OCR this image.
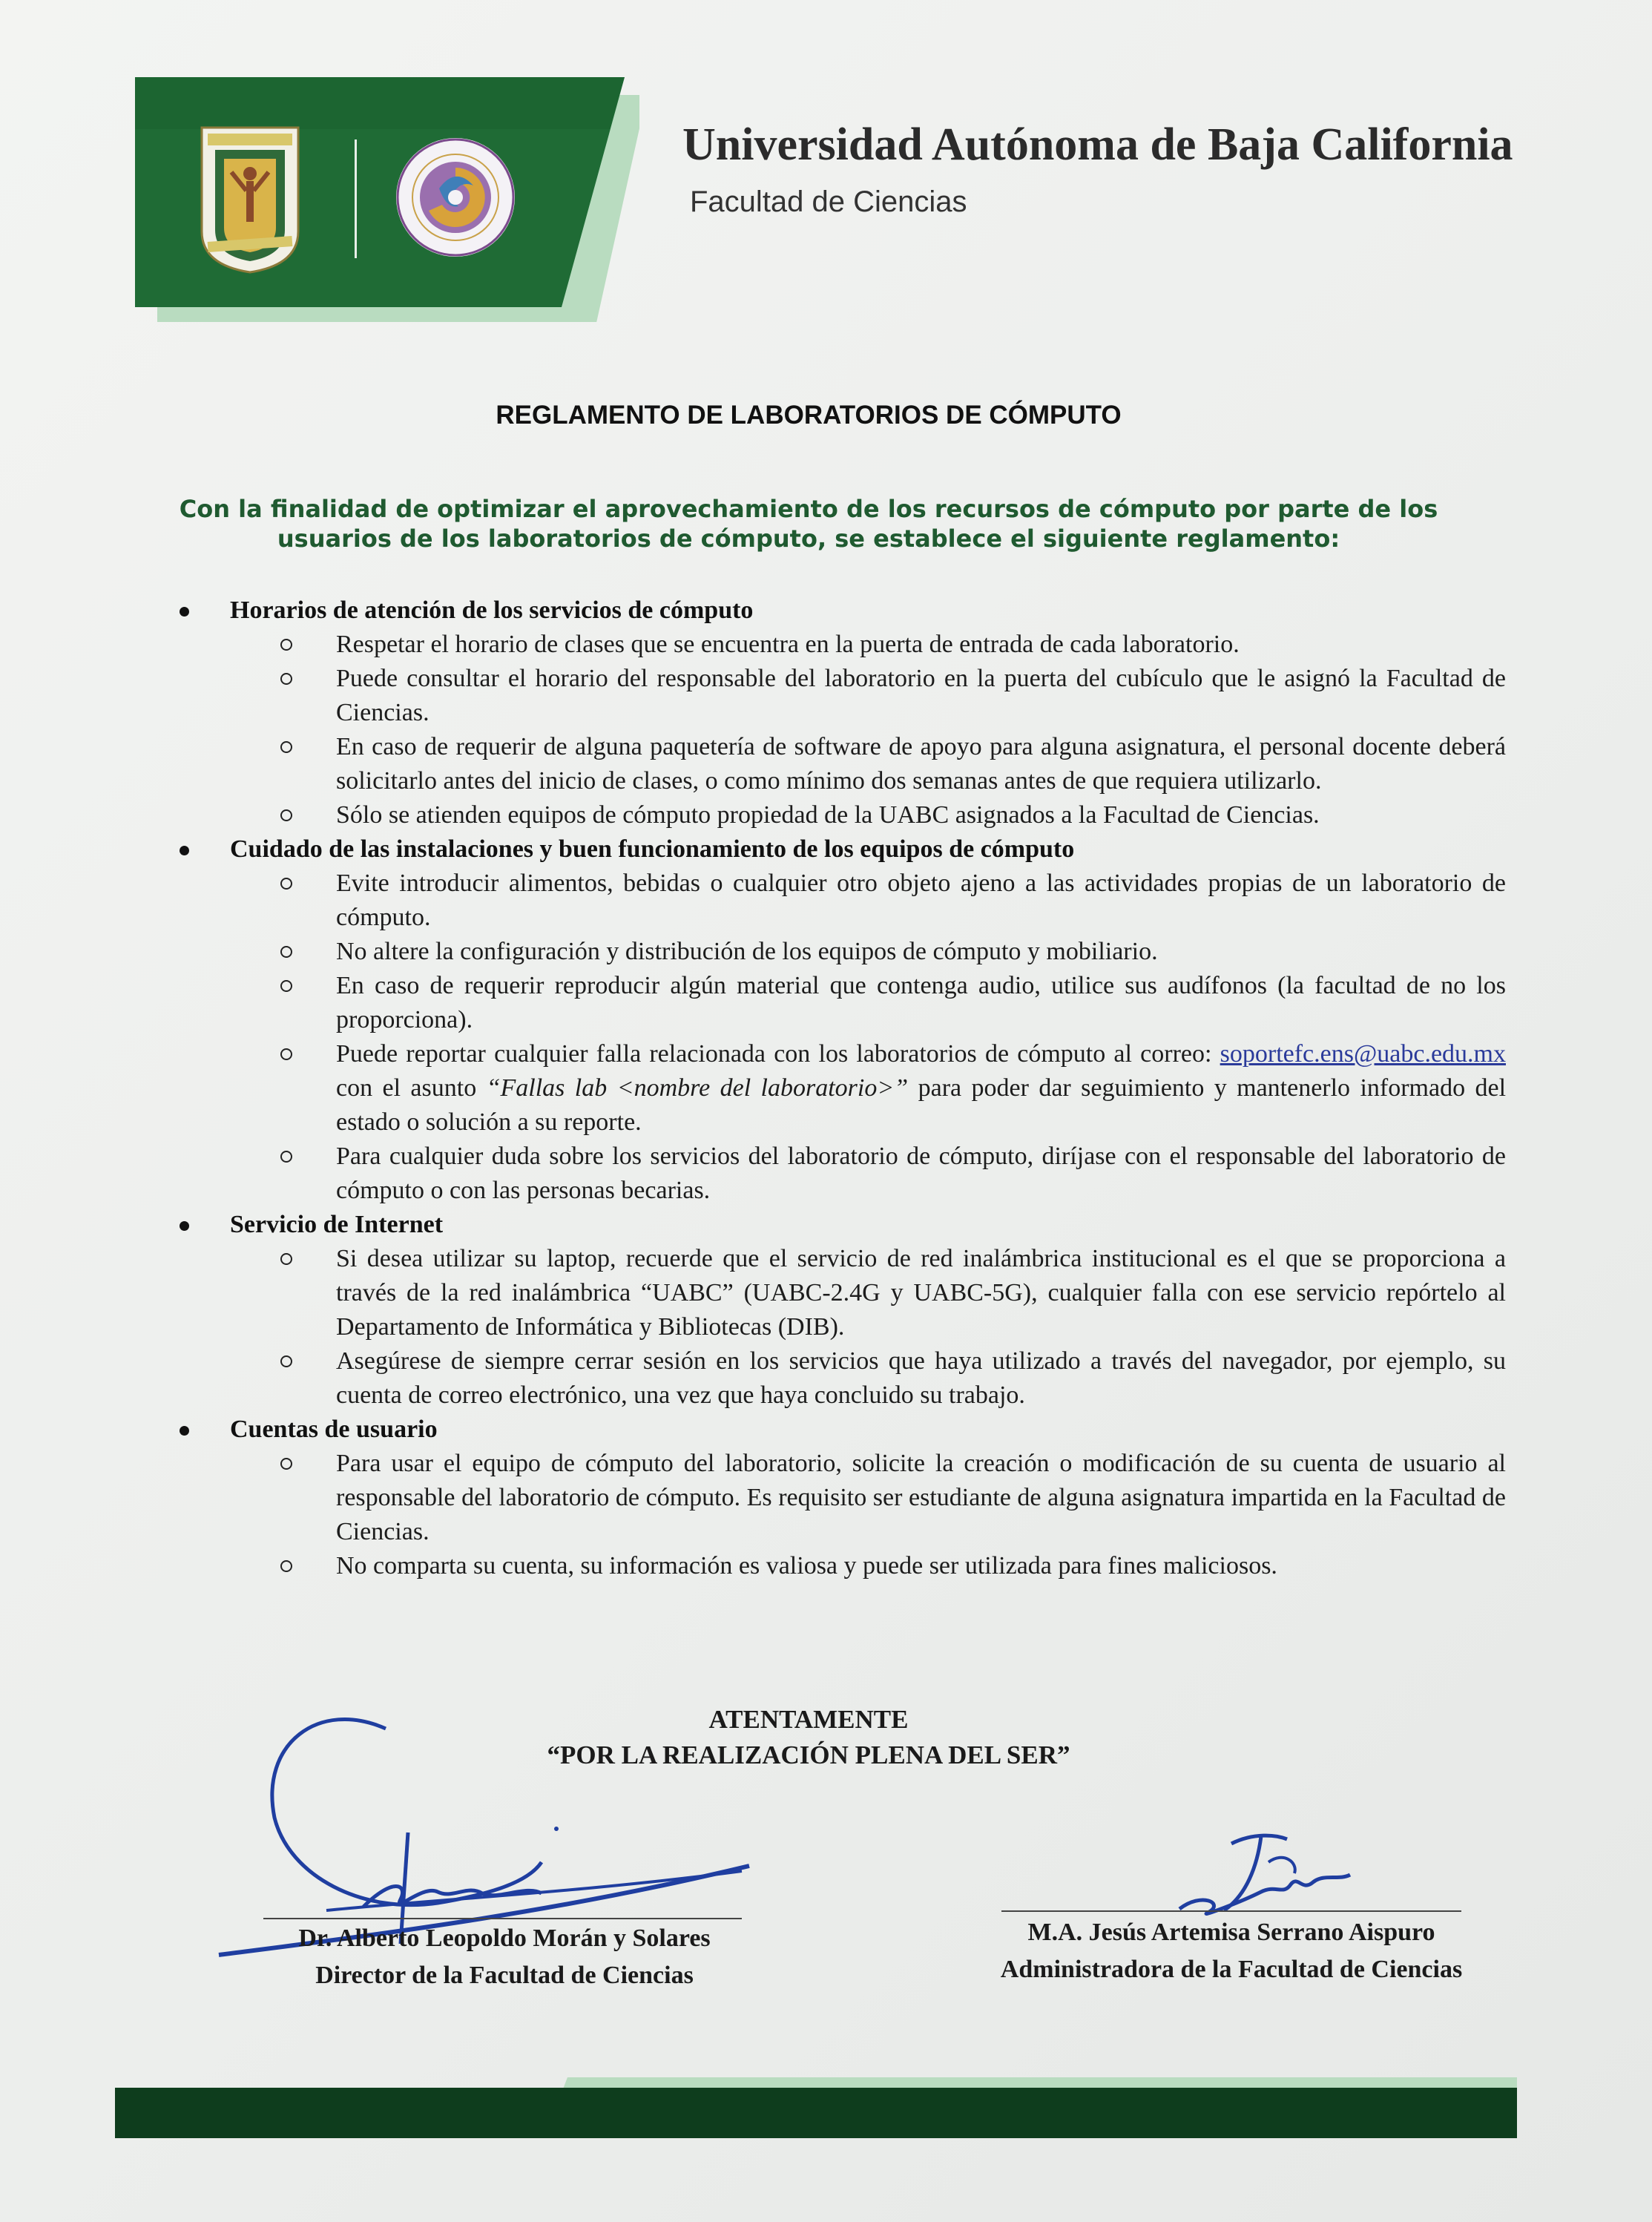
Universidad Autónoma de Baja California
Facultad de Ciencias
REGLAMENTO DE LABORATORIOS DE CÓMPUTO
Con la finalidad de optimizar el aprovechamiento de los recursos de cómputo por parte de los usuarios de los laboratorios de cómputo, se establece el siguiente reglamento:
Horarios de atención de los servicios de cómputo
Respetar el horario de clases que se encuentra en la puerta de entrada de cada laboratorio.
Puede consultar el horario del responsable del laboratorio en la puerta del cubículo que le asignó la Facultad de Ciencias.
En caso de requerir de alguna paquetería de software de apoyo para alguna asignatura, el personal docente deberá solicitarlo antes del inicio de clases, o como mínimo dos semanas antes de que requiera utilizarlo.
Sólo se atienden equipos de cómputo propiedad de la UABC asignados a la Facultad de Ciencias.
Cuidado de las instalaciones y buen funcionamiento de los equipos de cómputo
Evite introducir alimentos, bebidas o cualquier otro objeto ajeno a las actividades propias de un laboratorio de cómputo.
No altere la configuración y distribución de los equipos de cómputo y mobiliario.
En caso de requerir reproducir algún material que contenga audio, utilice sus audífonos (la facultad de no los proporciona).
Puede reportar cualquier falla relacionada con los laboratorios de cómputo al correo: soportefc.ens@uabc.edu.mx con el asunto “Fallas lab <nombre del laboratorio>” para poder dar seguimiento y mantenerlo informado del estado o solución a su reporte.
Para cualquier duda sobre los servicios del laboratorio de cómputo, diríjase con el responsable del laboratorio de cómputo o con las personas becarias.
Servicio de Internet
Si desea utilizar su laptop, recuerde que el servicio de red inalámbrica institucional es el que se proporciona a través de la red inalámbrica “UABC” (UABC-2.4G y UABC-5G), cualquier falla con ese servicio repórtelo al Departamento de Informática y Bibliotecas (DIB).
Asegúrese de siempre cerrar sesión en los servicios que haya utilizado a través del navegador, por ejemplo, su cuenta de correo electrónico, una vez que haya concluido su trabajo.
Cuentas de usuario
Para usar el equipo de cómputo del laboratorio, solicite la creación o modificación de su cuenta de usuario al responsable del laboratorio de cómputo. Es requisito ser estudiante de alguna asignatura impartida en la Facultad de Ciencias.
No comparta su cuenta, su información es valiosa y puede ser utilizada para fines maliciosos.
ATENTAMENTE
“POR LA REALIZACIÓN PLENA DEL SER”
Dr. Alberto Leopoldo Morán y Solares
Director de la Facultad de Ciencias
M.A. Jesús Artemisa Serrano Aispuro
Administradora de la Facultad de Ciencias
